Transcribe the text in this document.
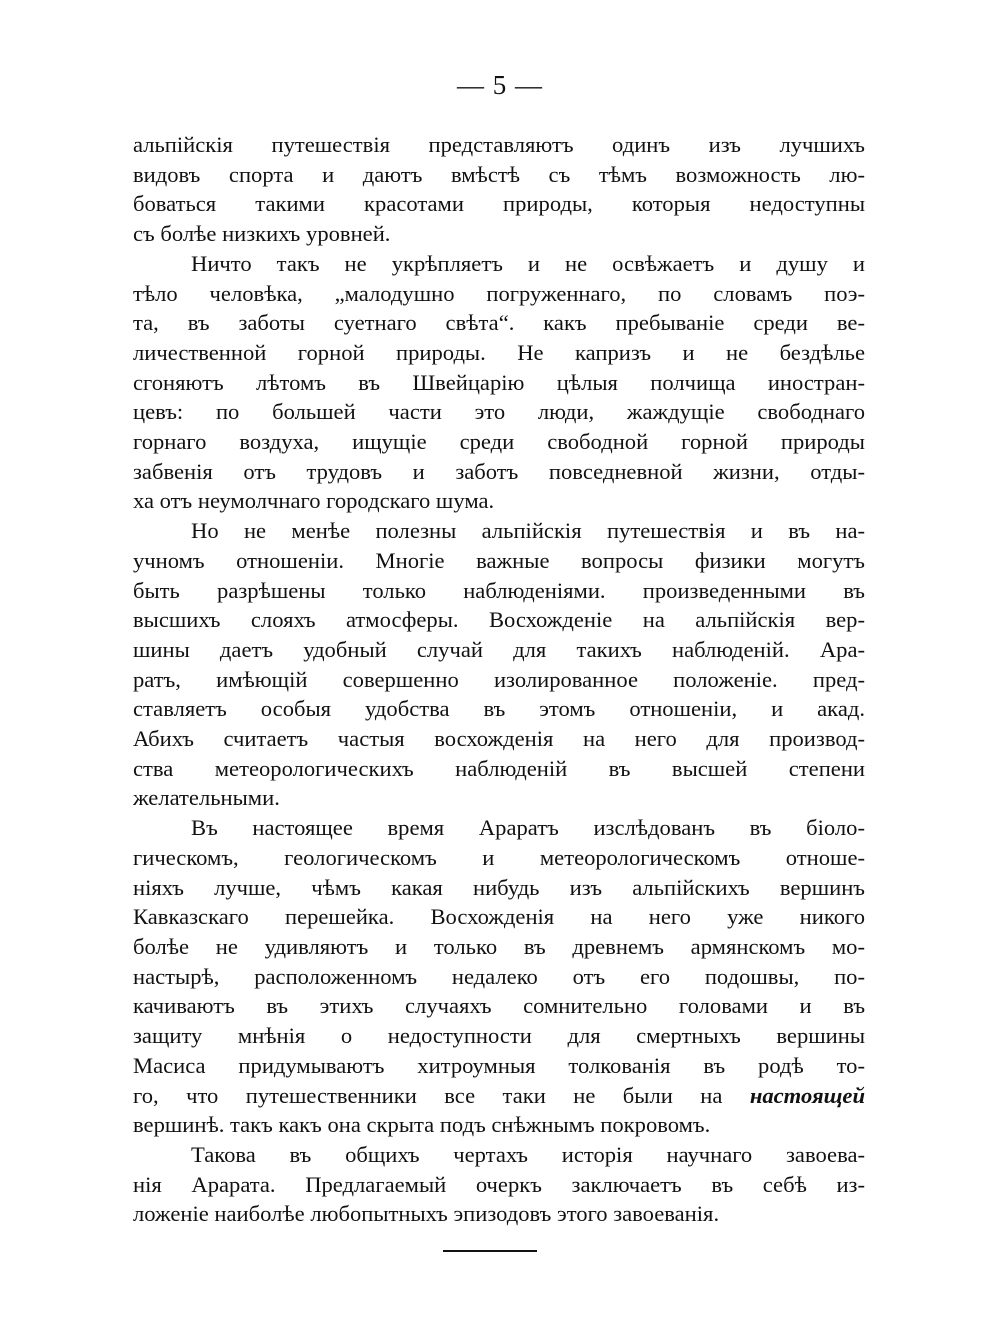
— 5 —

альпійскія путешествія представляютъ одинъ изъ лучшихъ
видовъ спорта и даютъ вмѣстѣ съ тѣмъ возможность лю-
боваться такими красотами природы, которыя недоступны
съ болѣе низкихъ уровней.

Ничто такъ не укрѣпляетъ и не освѣжаетъ и душу и
тѣло человѣка, „малодушно погруженнаго, по словамъ поэ-
та, въ заботы суетнаго свѣта“. какъ пребываніе среди ве-
личественной горной природы. Не капризъ и не бездѣлье
сгоняютъ лѣтомъ въ Швейцарію цѣлыя полчища иностран-
цевъ: по большей части это люди, жаждущіе свободнаго
горнаго воздуха, ищущіе среди свободной горной природы
забвенія отъ трудовъ и заботъ повседневной жизни, отды-
ха отъ неумолчнаго городскаго шума.

Но не менѣе полезны альпійскія путешествія и въ на-
учномъ отношеніи. Многіе важные вопросы физики могутъ
быть разрѣшены только наблюденіями. произведенными въ
высшихъ слояхъ атмосферы. Восхожденіе на альпійскія вер-
шины даетъ удобный случай для такихъ наблюденій. Ара-
ратъ, имѣющій совершенно изолированное положеніе. пред-
ставляетъ особыя удобства въ этомъ отношеніи, и акад.
Абихъ считаетъ частыя восхожденія на него для производ-
ства метеорологическихъ наблюденій въ высшей степени
желательными.

Въ настоящее время Араратъ изслѣдованъ въ біоло-
гическомъ, геологическомъ и метеорологическомъ отноше-
ніяхъ лучше, чѣмъ какая нибудь изъ альпійскихъ вершинъ
Кавказскаго перешейка. Восхожденія на него уже никого
болѣе не удивляютъ и только въ древнемъ армянскомъ мо-
настырѣ, расположенномъ недалеко отъ его подошвы, по-
качиваютъ въ этихъ случаяхъ сомнительно головами и въ
защиту мнѣнія о недоступности для смертныхъ вершины
Масиса придумываютъ хитроумныя толкованія въ родѣ то-
го, что путешественники все таки не были на настоящей
вершинѣ. такъ какъ она скрыта подъ снѣжнымъ покровомъ.

Такова въ общихъ чертахъ исторія научнаго завоева-
нія Арарата. Предлагаемый очеркъ заключаетъ въ себѣ из-
ложеніе наиболѣе любопытныхъ эпизодовъ этого завоеванія.
